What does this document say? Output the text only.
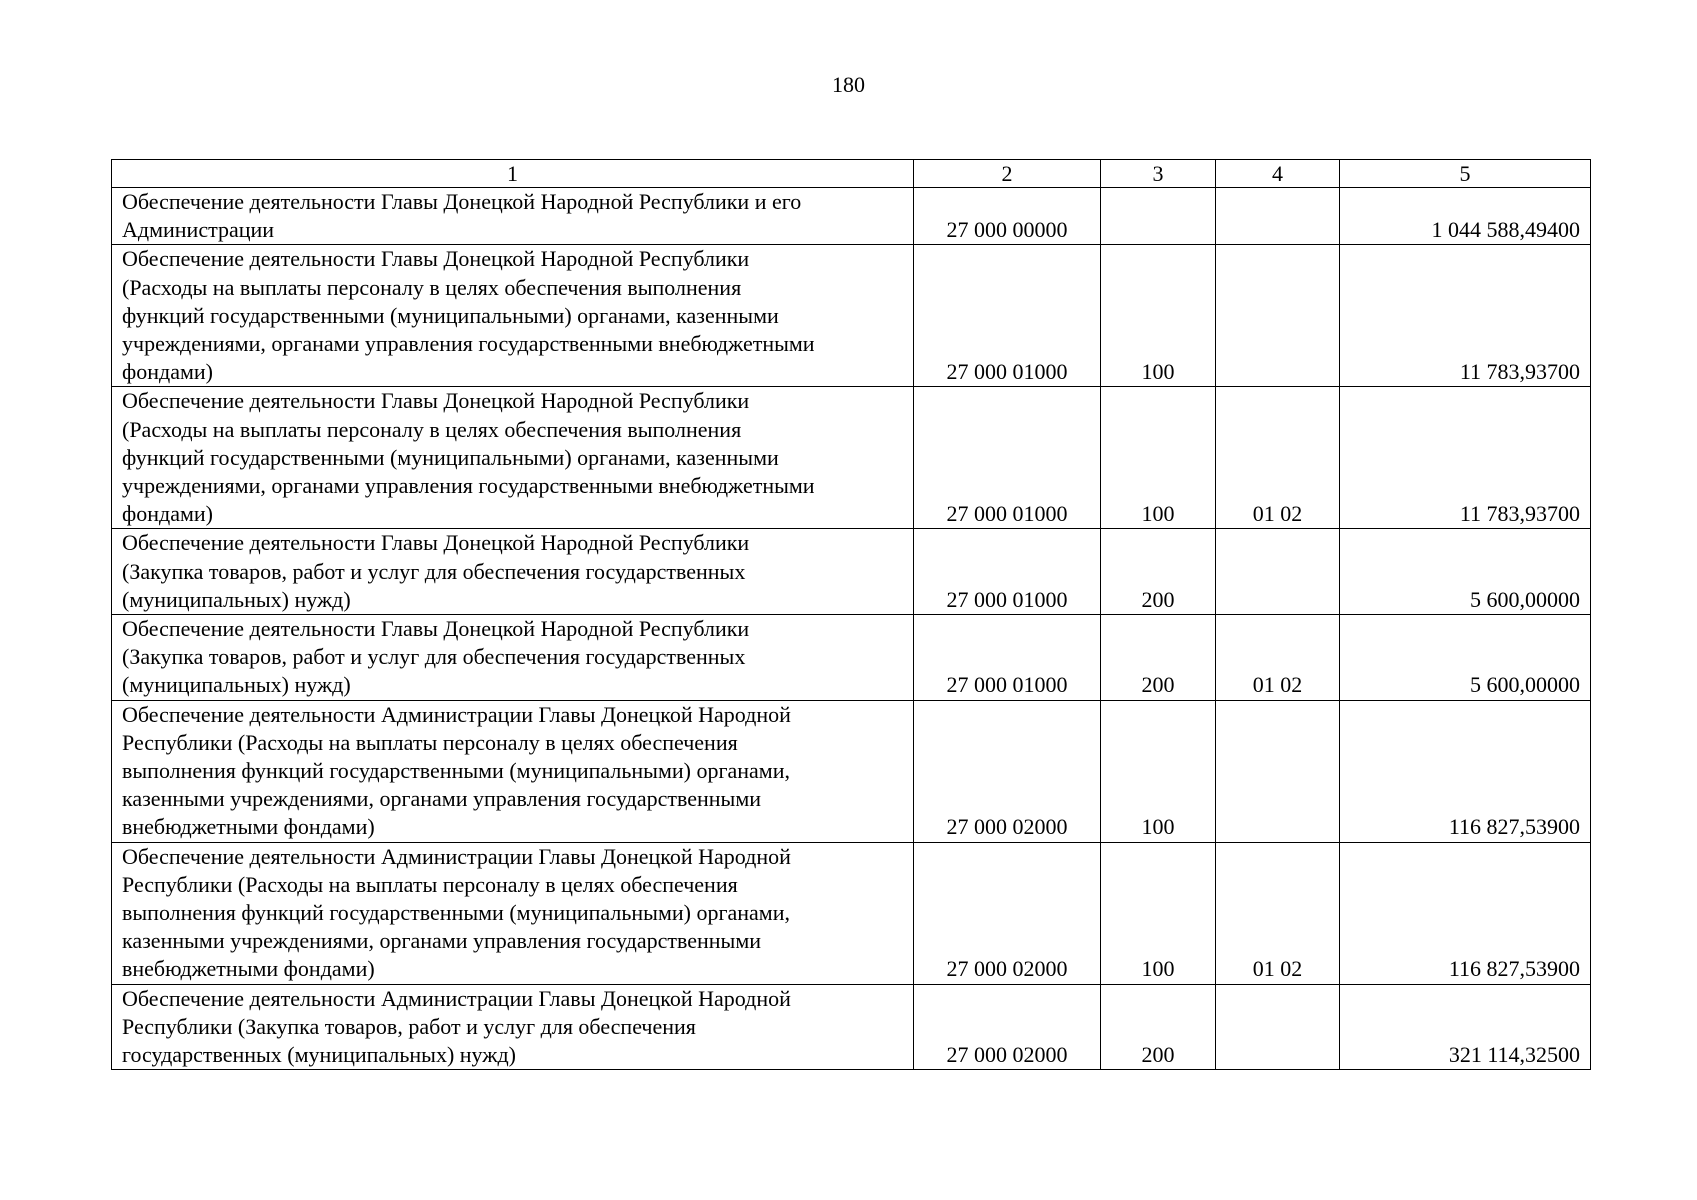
180
1	2	3	4	5

Обеспечение деятельности Главы Донецкой Народной Республики и его
Администрации	27 000 00000			1 044 588,49400

Обеспечение деятельности Главы Донецкой Народной Республики
(Расходы на выплаты персоналу в целях обеспечения выполнения
функций государственными (муниципальными) органами, казенными
учреждениями, органами управления государственными внебюджетными
фондами)	27 000 01000	100		11 783,93700

Обеспечение деятельности Главы Донецкой Народной Республики
(Расходы на выплаты персоналу в целях обеспечения выполнения
функций государственными (муниципальными) органами, казенными
учреждениями, органами управления государственными внебюджетными
фондами)	27 000 01000	100	01 02	11 783,93700

Обеспечение деятельности Главы Донецкой Народной Республики
(Закупка товаров, работ и услуг для обеспечения государственных
(муниципальных) нужд)	27 000 01000	200		5 600,00000

Обеспечение деятельности Главы Донецкой Народной Республики
(Закупка товаров, работ и услуг для обеспечения государственных
(муниципальных) нужд)	27 000 01000	200	01 02	5 600,00000

Обеспечение деятельности Администрации Главы Донецкой Народной
Республики (Расходы на выплаты персоналу в целях обеспечения
выполнения функций государственными (муниципальными) органами,
казенными учреждениями, органами управления государственными
внебюджетными фондами)	27 000 02000	100		116 827,53900

Обеспечение деятельности Администрации Главы Донецкой Народной
Республики (Расходы на выплаты персоналу в целях обеспечения
выполнения функций государственными (муниципальными) органами,
казенными учреждениями, органами управления государственными
внебюджетными фондами)	27 000 02000	100	01 02	116 827,53900

Обеспечение деятельности Администрации Главы Донецкой Народной
Республики (Закупка товаров, работ и услуг для обеспечения
государственных (муниципальных) нужд)	27 000 02000	200		321 114,32500
